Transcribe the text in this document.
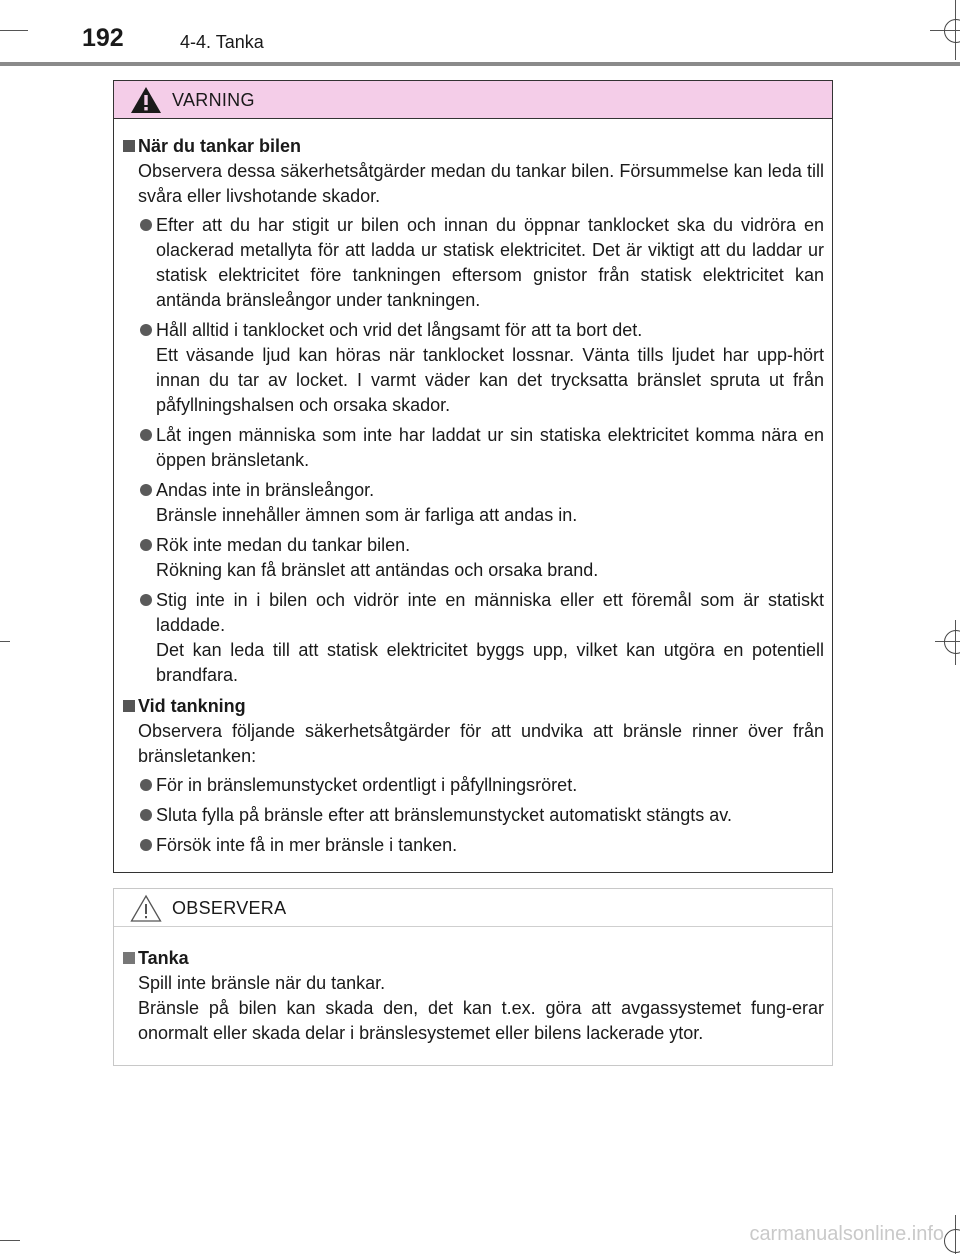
192	4-4. Tanka
VARNING
När du tankar bilen
Observera dessa säkerhetsåtgärder medan du tankar bilen. Försummelse kan leda till svåra eller livshotande skador.
Efter att du har stigit ur bilen och innan du öppnar tanklocket ska du vidröra en olackerad metallyta för att ladda ur statisk elektricitet. Det är viktigt att du laddar ur statisk elektricitet före tankningen eftersom gnistor från statisk elektricitet kan antända bränsleångor under tankningen.
Håll alltid i tanklocket och vrid det långsamt för att ta bort det.
Ett väsande ljud kan höras när tanklocket lossnar. Vänta tills ljudet har upp-hört innan du tar av locket. I varmt väder kan det trycksatta bränslet spruta ut från påfyllningshalsen och orsaka skador.
Låt ingen människa som inte har laddat ur sin statiska elektricitet komma nära en öppen bränsletank.
Andas inte in bränsleångor.
Bränsle innehåller ämnen som är farliga att andas in.
Rök inte medan du tankar bilen.
Rökning kan få bränslet att antändas och orsaka brand.
Stig inte in i bilen och vidrör inte en människa eller ett föremål som är statiskt laddade.
Det kan leda till att statisk elektricitet byggs upp, vilket kan utgöra en potentiell brandfara.
Vid tankning
Observera följande säkerhetsåtgärder för att undvika att bränsle rinner över från bränsletanken:
För in bränslemunstycket ordentligt i påfyllningsröret.
Sluta fylla på bränsle efter att bränslemunstycket automatiskt stängts av.
Försök inte få in mer bränsle i tanken.
OBSERVERA
Tanka
Spill inte bränsle när du tankar.
Bränsle på bilen kan skada den, det kan t.ex. göra att avgassystemet fung-erar onormalt eller skada delar i bränslesystemet eller bilens lackerade ytor.
carmanualsonline.info
